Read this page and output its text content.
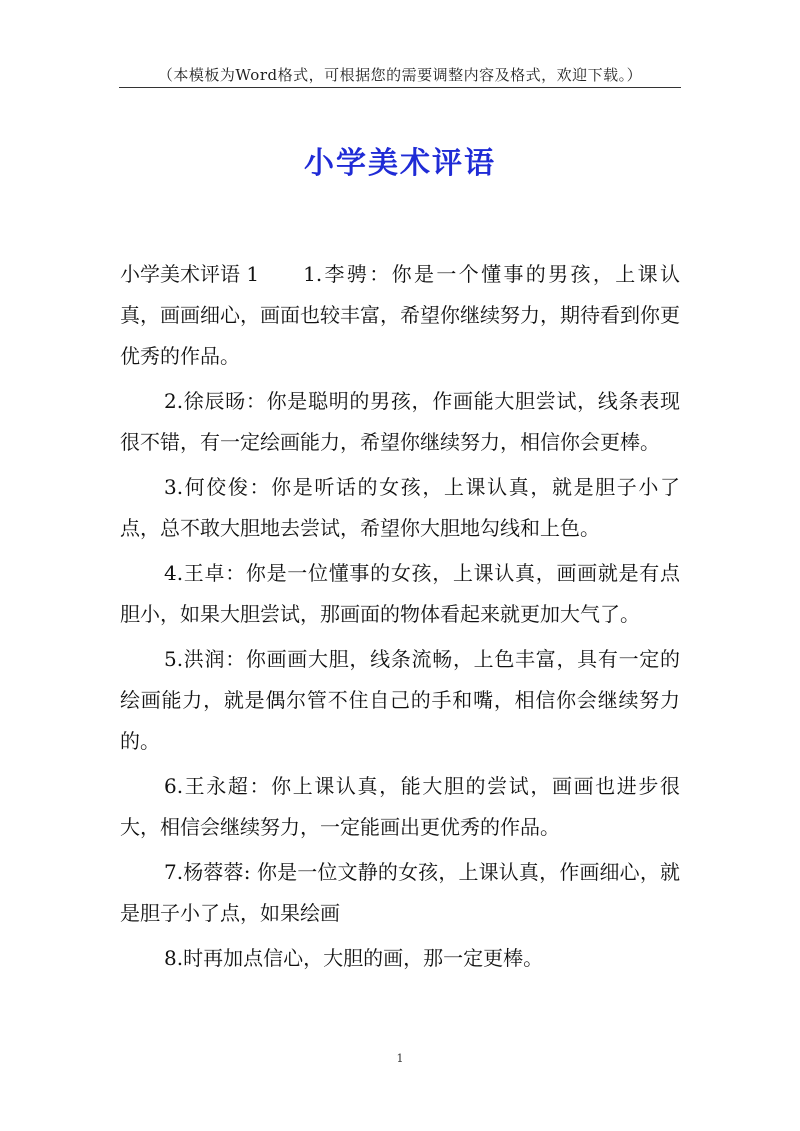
（本模板为Word格式，可根据您的需要调整内容及格式，欢迎下载。）
小学美术评语

小学美术评语 1 1.李骋：你是一个懂事的男孩，上课认真，画画细心，画面也较丰富，希望你继续努力，期待看到你更优秀的作品。

2.徐辰旸：你是聪明的男孩，作画能大胆尝试，线条表现很不错，有一定绘画能力，希望你继续努力，相信你会更棒。

3.何佼俊：你是听话的女孩，上课认真，就是胆子小了点，总不敢大胆地去尝试，希望你大胆地勾线和上色。

4.王卓：你是一位懂事的女孩，上课认真，画画就是有点胆小，如果大胆尝试，那画面的物体看起来就更加大气了。

5.洪润：你画画大胆，线条流畅，上色丰富，具有一定的绘画能力，就是偶尔管不住自己的手和嘴，相信你会继续努力的。

6.王永超：你上课认真，能大胆的尝试，画画也进步很大，相信会继续努力，一定能画出更优秀的作品。

7.杨蓉蓉: 你是一位文静的女孩，上课认真，作画细心，就是胆子小了点，如果绘画

8.时再加点信心，大胆的画，那一定更棒。

1
